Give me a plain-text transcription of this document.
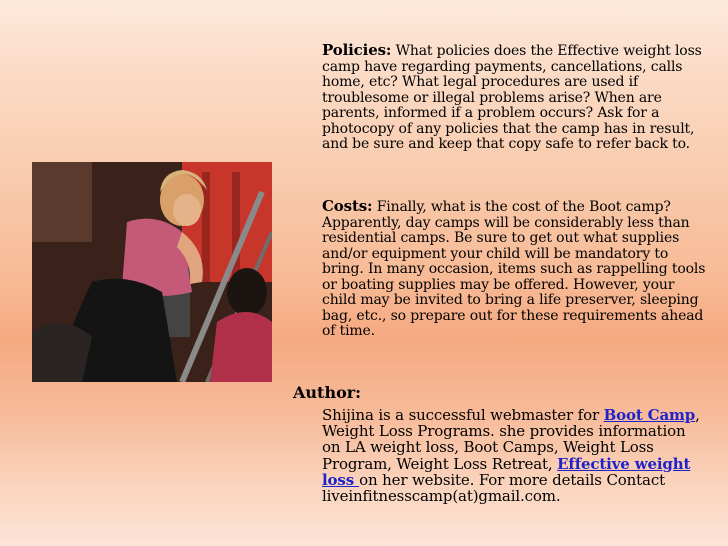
Policies: What policies does the Effective weight loss camp have regarding payments, cancellations, calls home, etc? What legal procedures are used if troublesome or illegal problems arise? When are parents, informed if a problem occurs? Ask for a photocopy of any policies that the camp has in result, and be sure and keep that copy safe to refer back to.
Costs: Finally, what is the cost of the Boot camp? Apparently, day camps will be considerably less than residential camps. Be sure to get out what supplies and/or equipment your child will be mandatory to bring. In many occasion, items such as rappelling tools or boating supplies may be offered. However, your child may be invited to bring a life preserver, sleeping bag, etc., so prepare out for these requirements ahead of time.
Author:
Shijina is a successful webmaster for Boot Camp, Weight Loss Programs. she provides information on LA weight loss, Boot Camps, Weight Loss Program, Weight Loss Retreat, Effective weight loss on her website. For more details Contact liveinfitnesscamp(at)gmail.com.
